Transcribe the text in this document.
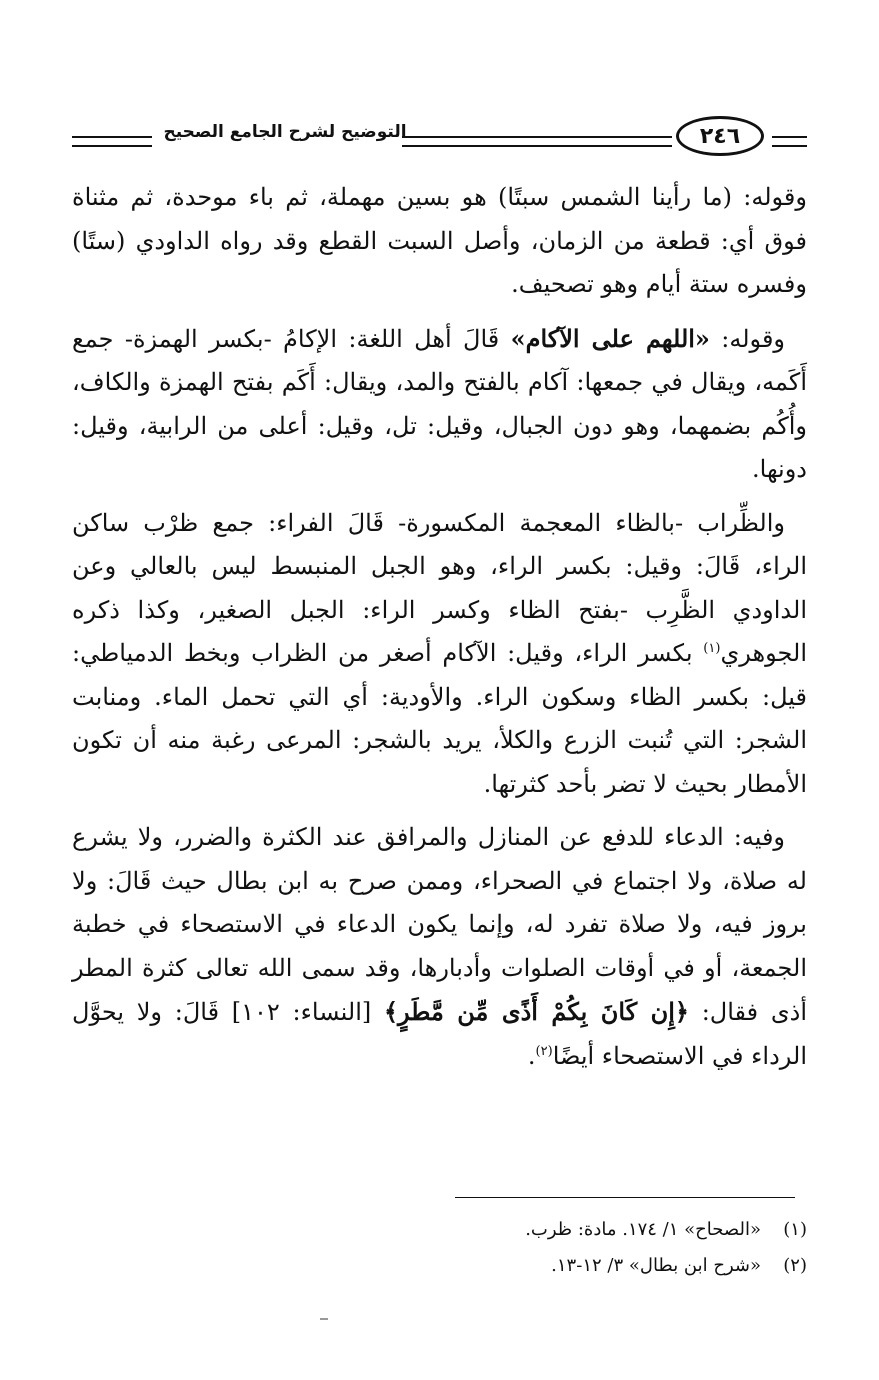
التوضيح لشرح الجامع الصحيح	٢٤٦

وقوله: (ما رأينا الشمس سبتًا) هو بسين مهملة، ثم باء موحدة، ثم مثناة فوق أي: قطعة من الزمان، وأصل السبت القطع وقد رواه الداودي (ستًا) وفسره ستة أيام وهو تصحيف.

وقوله: «اللهم على الآكام» قَالَ أهل اللغة: الإكامُ -بكسر الهمزة- جمع أَكَمه، ويقال في جمعها: آكام بالفتح والمد، ويقال: أَكَم بفتح الهمزة والكاف، وأُكُم بضمهما، وهو دون الجبال، وقيل: تل، وقيل: أعلى من الرابية، وقيل: دونها.

والظِّراب -بالظاء المعجمة المكسورة- قَالَ الفراء: جمع ظرْب ساكن الراء، قَالَ: وقيل: بكسر الراء، وهو الجبل المنبسط ليس بالعالي وعن الداودي الظَّرِب -بفتح الظاء وكسر الراء: الجبل الصغير، وكذا ذكره الجوهري$^{(١)}$ بكسر الراء، وقيل: الآكام أصغر من الظراب وبخط الدمياطي: قيل: بكسر الظاء وسكون الراء. والأودية: أي التي تحمل الماء. ومنابت الشجر: التي تُنبت الزرع والكلأ، يريد بالشجر: المرعى رغبة منه أن تكون الأمطار بحيث لا تضر بأحد كثرتها.

وفيه: الدعاء للدفع عن المنازل والمرافق عند الكثرة والضرر، ولا يشرع له صلاة، ولا اجتماع في الصحراء، وممن صرح به ابن بطال حيث قَالَ: ولا بروز فيه، ولا صلاة تفرد له، وإنما يكون الدعاء في الاستصحاء في خطبة الجمعة، أو في أوقات الصلوات وأدبارها، وقد سمى الله تعالى كثرة المطر أذى فقال: ﴿إِن كَانَ بِكُمْ أَذًى مِّن مَّطَرٍ﴾ [النساء: ١٠٢] قَالَ: ولا يحوَّل الرداء في الاستصحاء أيضًا$^{(٢)}$.

(١)
«الصحاح» ١/ ١٧٤. مادة: ظرب.
(٢)
«شرح ابن بطال» ٣/ ١٢-١٣.
